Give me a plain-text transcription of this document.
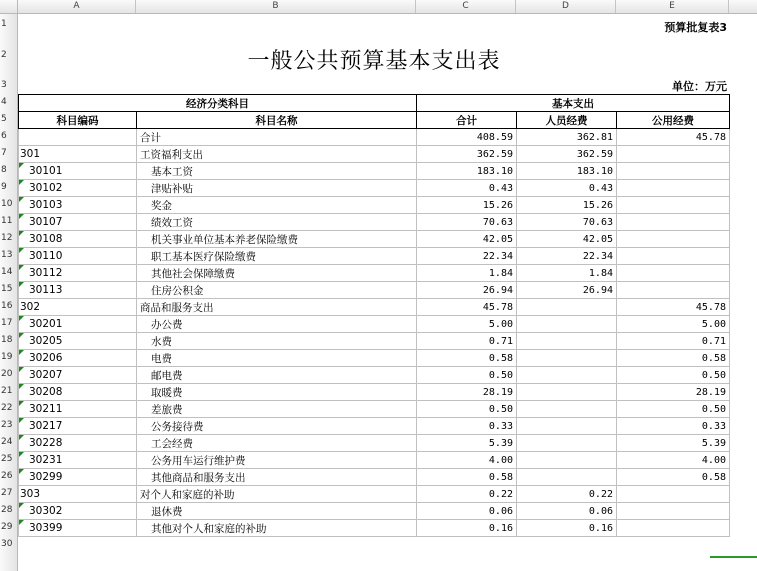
A	B	C	D	E
1
2
3
4
5
6
7
8
9
10
11
12
13
14
15
16
17
18
19
20
21
22
23
24
25
26
27
28
29
30
预算批复表3
一般公共预算基本支出表
单位：万元
经济分类科目		基本支出		
科目编码	科目名称	合计	人员经费	公用经费
	合计	408.59	362.81	45.78
301	工资福利支出	362.59	362.59	

30101	基本工资	183.10	183.10	

30102	津贴补贴	0.43	0.43	

30103	奖金	15.26	15.26	

30107	绩效工资	70.63	70.63	

30108	机关事业单位基本养老保险缴费	42.05	42.05	

30110	职工基本医疗保险缴费	22.34	22.34	

30112	其他社会保障缴费	1.84	1.84	

30113	住房公积金	26.94	26.94	
302	商品和服务支出	45.78		45.78

30201	办公费	5.00		5.00

30205	水费	0.71		0.71

30206	电费	0.58		0.58

30207	邮电费	0.50		0.50

30208	取暖费	28.19		28.19

30211	差旅费	0.50		0.50

30217	公务接待费	0.33		0.33

30228	工会经费	5.39		5.39

30231	公务用车运行维护费	4.00		4.00

30299	其他商品和服务支出	0.58		0.58
303	对个人和家庭的补助	0.22	0.22	

30302	退休费	0.06	0.06	

30399	其他对个人和家庭的补助	0.16	0.16	
